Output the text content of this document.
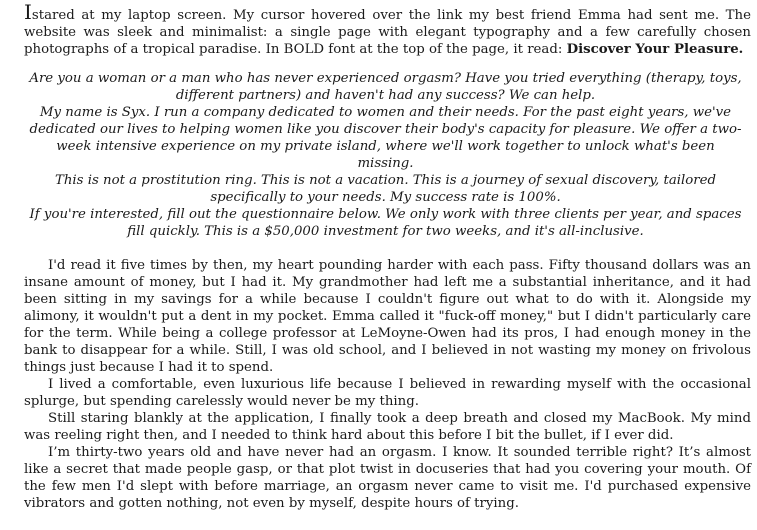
Istared at my laptop screen. My cursor hovered over the link my best friend Emma had sent me. The website was sleek and minimalist: a single page with elegant typography and a few carefully chosen photographs of a tropical paradise. In BOLD font at the top of the page, it read: Discover Your Pleasure.

Are you a woman or a man who has never experienced orgasm? Have you tried everything (therapy, toys, different partners) and haven't had any success? We can help.

My name is Syx. I run a company dedicated to women and their needs. For the past eight years, we've dedicated our lives to helping women like you discover their body's capacity for pleasure. We offer a two-week intensive experience on my private island, where we'll work together to unlock what's been missing.

This is not a prostitution ring. This is not a vacation. This is a journey of sexual discovery, tailored specifically to your needs. My success rate is 100%.

If you're interested, fill out the questionnaire below. We only work with three clients per year, and spaces fill quickly. This is a $50,000 investment for two weeks, and it's all-inclusive.

I'd read it five times by then, my heart pounding harder with each pass. Fifty thousand dollars was an insane amount of money, but I had it. My grandmother had left me a substantial inheritance, and it had been sitting in my savings for a while because I couldn't figure out what to do with it. Alongside my alimony, it wouldn't put a dent in my pocket. Emma called it "fuck-off money," but I didn't particularly care for the term. While being a college professor at LeMoyne-Owen had its pros, I had enough money in the bank to disappear for a while. Still, I was old school, and I believed in not wasting my money on frivolous things just because I had it to spend.

I lived a comfortable, even luxurious life because I believed in rewarding myself with the occasional splurge, but spending carelessly would never be my thing.

Still staring blankly at the application, I finally took a deep breath and closed my MacBook. My mind was reeling right then, and I needed to think hard about this before I bit the bullet, if I ever did.

I’m thirty-two years old and have never had an orgasm. I know. It sounded terrible right? It’s almost like a secret that made people gasp, or that plot twist in docuseries that had you covering your mouth. Of the few men I'd slept with before marriage, an orgasm never came to visit me. I'd purchased expensive vibrators and gotten nothing, not even by myself, despite hours of trying.
